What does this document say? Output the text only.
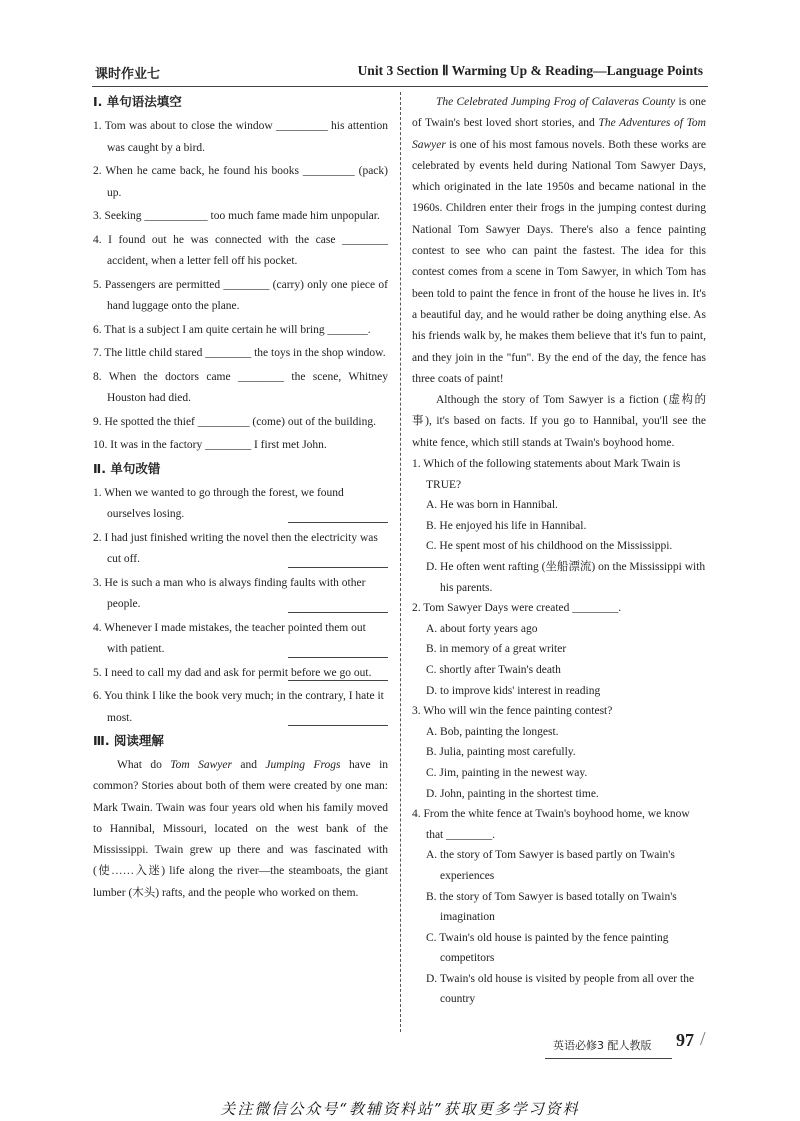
课时作业七	Unit 3 Section Ⅱ Warming Up & Reading—Language Points
Ⅰ. 单句语法填空
1. Tom was about to close the window _________ his attention was caught by a bird.
2. When he came back, he found his books _________ (pack) up.
3. Seeking ___________ too much fame made him unpopular.
4. I found out he was connected with the case ________ accident, when a letter fell off his pocket.
5. Passengers are permitted ________ (carry) only one piece of hand luggage onto the plane.
6. That is a subject I am quite certain he will bring _______.
7. The little child stared ________ the toys in the shop window.
8. When the doctors came ________ the scene, Whitney Houston had died.
9. He spotted the thief _________ (come) out of the building.
10. It was in the factory ________ I first met John.
Ⅱ. 单句改错
1. When we wanted to go through the forest, we found ourselves losing.
2. I had just finished writing the novel then the electricity was cut off.
3. He is such a man who is always finding faults with other people.
4. Whenever I made mistakes, the teacher pointed them out with patient.
5. I need to call my dad and ask for permit before we go out.
6. You think I like the book very much; in the contrary, I hate it most.
Ⅲ. 阅读理解

What do Tom Sawyer and Jumping Frogs have in common? Stories about both of them were created by one man: Mark Twain. Twain was four years old when his family moved to Hannibal, Missouri, located on the west bank of the Mississippi. Twain grew up there and was fascinated with (使……入迷) life along the river—the steamboats, the giant lumber (木头) rafts, and the people who worked on them.

The Celebrated Jumping Frog of Calaveras County is one of Twain's best loved short stories, and The Adventures of Tom Sawyer is one of his most famous novels. Both these works are celebrated by events held during National Tom Sawyer Days, which originated in the late 1950s and became national in the 1960s. Children enter their frogs in the jumping contest during National Tom Sawyer Days. There's also a fence painting contest to see who can paint the fastest. The idea for this contest comes from a scene in Tom Sawyer, in which Tom has been told to paint the fence in front of the house he lives in. It's a beautiful day, and he would rather be doing anything else. As his friends walk by, he makes them believe that it's fun to paint, and they join in the "fun". By the end of the day, the fence has three coats of paint!

Although the story of Tom Sawyer is a fiction (虚构的事), it's based on facts. If you go to Hannibal, you'll see the white fence, which still stands at Twain's boyhood home.

1. Which of the following statements about Mark Twain is TRUE?
A. He was born in Hannibal.
B. He enjoyed his life in Hannibal.
C. He spent most of his childhood on the Mississippi.
D. He often went rafting (坐船漂流) on the Mississippi with his parents.
2. Tom Sawyer Days were created ________.
A. about forty years ago
B. in memory of a great writer
C. shortly after Twain's death
D. to improve kids' interest in reading
3. Who will win the fence painting contest?
A. Bob, painting the longest.
B. Julia, painting most carefully.
C. Jim, painting in the newest way.
D. John, painting in the shortest time.
4. From the white fence at Twain's boyhood home, we know that ________.
A. the story of Tom Sawyer is based partly on Twain's experiences
B. the story of Tom Sawyer is based totally on Twain's imagination
C. Twain's old house is painted by the fence painting competitors
D. Twain's old house is visited by people from all over the country
英语必修3 配人教版 97 /
关注微信公众号“教辅资料站”获取更多学习资料
